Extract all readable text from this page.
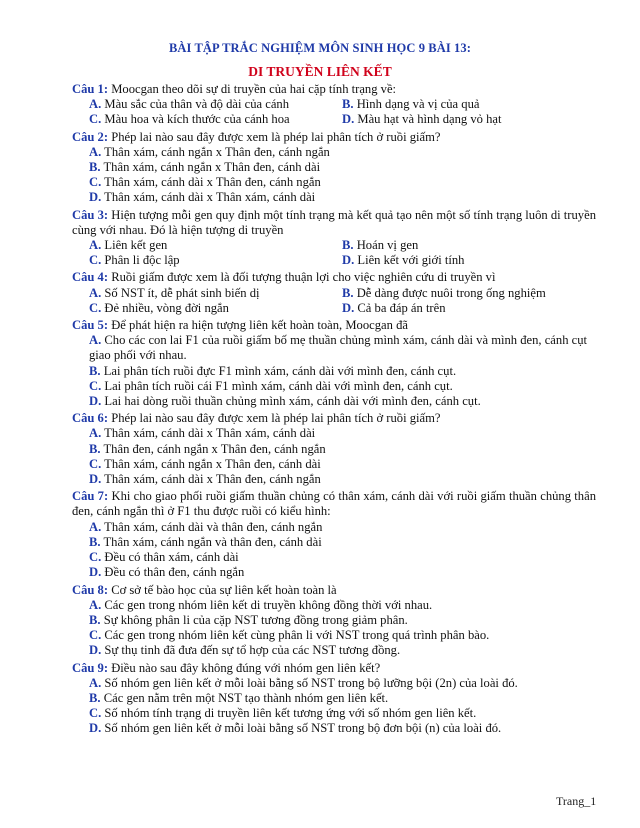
BÀI TẬP TRẮC NGHIỆM MÔN SINH HỌC 9 BÀI 13:
DI TRUYỀN LIÊN KẾT
Câu 1: Moocgan theo dõi sự di truyền của hai cặp tính trạng về:
A. Màu sắc của thân và độ dài của cánh	B. Hình dạng và vị của quả
C. Màu hoa và kích thước của cánh hoa	D. Màu hạt và hình dạng vỏ hạt
Câu 2: Phép lai nào sau đây được xem là phép lai phân tích ở ruồi giấm?
A. Thân xám, cánh ngắn x Thân đen, cánh ngắn
B. Thân xám, cánh ngắn x Thân đen, cánh dài
C. Thân xám, cánh dài x Thân đen, cánh ngắn
D. Thân xám, cánh dài x Thân xám, cánh dài
Câu 3: Hiện tượng mỗi gen quy định một tính trạng mà kết quả tạo nên một số tính trạng luôn di truyền cùng với nhau. Đó là hiện tượng di truyền
A. Liên kết gen	B. Hoán vị gen
C. Phân li độc lập	D. Liên kết với giới tính
Câu 4: Ruồi giấm được xem là đối tượng thuận lợi cho việc nghiên cứu di truyền vì
A. Số NST ít, dễ phát sinh biến dị	B. Dễ dàng được nuôi trong ống nghiệm
C. Đẻ nhiều, vòng đời ngắn	D. Cả ba đáp án trên
Câu 5: Để phát hiện ra hiện tượng liên kết hoàn toàn, Moocgan đã
A. Cho các con lai F1 của ruồi giấm bố mẹ thuần chủng mình xám, cánh dài và mình đen, cánh cụt giao phối với nhau.
B. Lai phân tích ruồi đực F1 mình xám, cánh dài với mình đen, cánh cụt.
C. Lai phân tích ruồi cái F1 mình xám, cánh dài với mình đen, cánh cụt.
D. Lai hai dòng ruồi thuần chủng mình xám, cánh dài với mình đen, cánh cụt.
Câu 6: Phép lai nào sau đây được xem là phép lai phân tích ở ruồi giấm?
A. Thân xám, cánh dài x Thân xám, cánh dài
B. Thân đen, cánh ngắn x Thân đen, cánh ngắn
C. Thân xám, cánh ngắn x Thân đen, cánh dài
D. Thân xám, cánh dài x Thân đen, cánh ngắn
Câu 7: Khi cho giao phối ruồi giấm thuần chủng có thân xám, cánh dài với ruồi giấm thuần chủng thân đen, cánh ngắn thì ở F1 thu được ruồi có kiểu hình:
A. Thân xám, cánh dài và thân đen, cánh ngắn
B. Thân xám, cánh ngắn và thân đen, cánh dài
C. Đều có thân xám, cánh dài
D. Đều có thân đen, cánh ngắn
Câu 8: Cơ sở tế bào học của sự liên kết hoàn toàn là
A. Các gen trong nhóm liên kết di truyền không đồng thời với nhau.
B. Sự không phân li của cặp NST tương đồng trong giảm phân.
C. Các gen trong nhóm liên kết cùng phân li với NST trong quá trình phân bào.
D. Sự thụ tinh đã đưa đến sự tổ hợp của các NST tương đồng.
Câu 9: Điều nào sau đây không đúng với nhóm gen liên kết?
A. Số nhóm gen liên kết ở mỗi loài bằng số NST trong bộ lưỡng bội (2n) của loài đó.
B. Các gen nằm trên một NST tạo thành nhóm gen liên kết.
C. Số nhóm tính trạng di truyền liên kết tương ứng với số nhóm gen liên kết.
D. Số nhóm gen liên kết ở mỗi loài bằng số NST trong bộ đơn bội (n) của loài đó.
Trang_1
